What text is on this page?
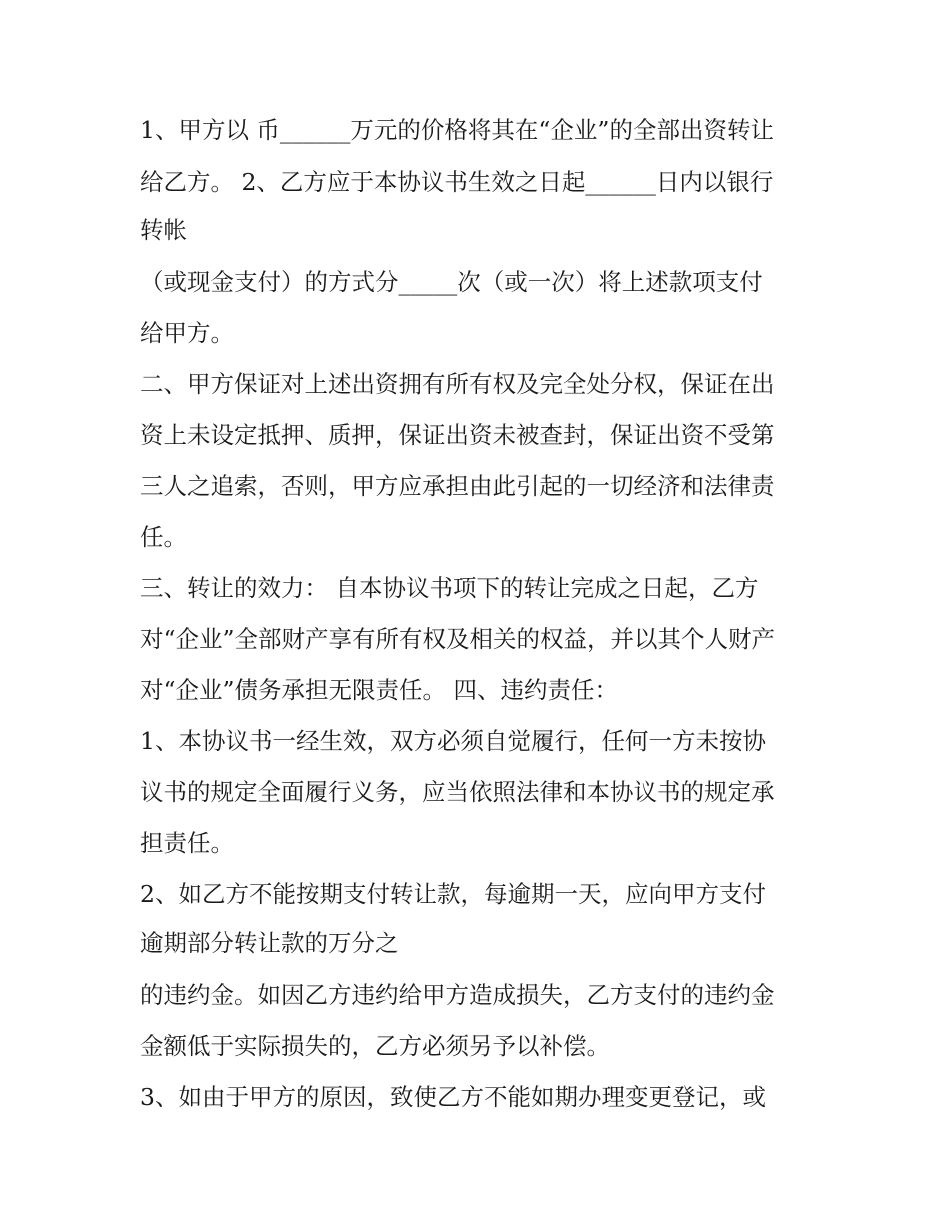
1、甲方以 币______万元的价格将其在“企业”的全部出资转让
给乙方。 2、乙方应于本协议书生效之日起______日内以银行
转帐
（或现金支付）的方式分_____次（或一次）将上述款项支付
给甲方。
二、甲方保证对上述出资拥有所有权及完全处分权，保证在出
资上未设定抵押、质押，保证出资未被查封，保证出资不受第
三人之追索，否则，甲方应承担由此引起的一切经济和法律责
任。
三、转让的效力： 自本协议书项下的转让完成之日起，乙方
对“企业”全部财产享有所有权及相关的权益，并以其个人财产
对“企业”债务承担无限责任。 四、违约责任：
1、本协议书一经生效，双方必须自觉履行，任何一方未按协
议书的规定全面履行义务，应当依照法律和本协议书的规定承
担责任。
2、如乙方不能按期支付转让款，每逾期一天，应向甲方支付
逾期部分转让款的万分之
的违约金。如因乙方违约给甲方造成损失，乙方支付的违约金
金额低于实际损失的，乙方必须另予以补偿。
3、如由于甲方的原因，致使乙方不能如期办理变更登记，或
